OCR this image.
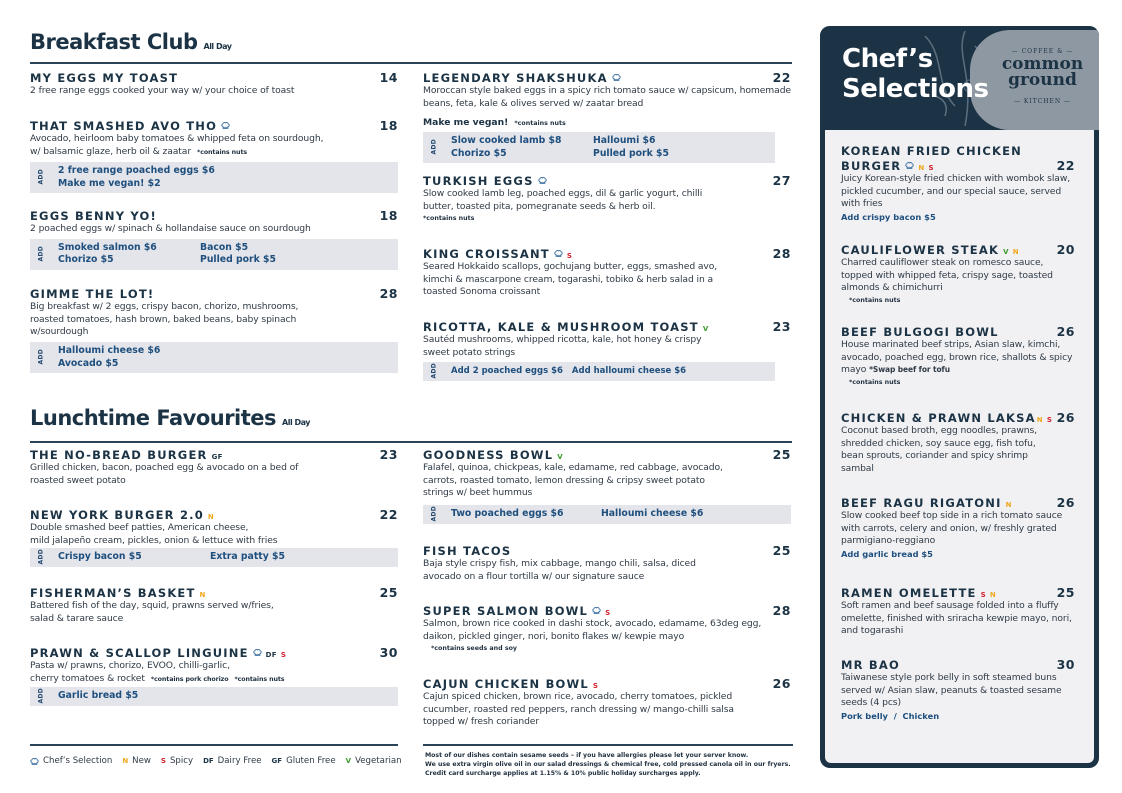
Breakfast Club All Day
MY EGGS MY TOAST	14
2 free range eggs cooked your way w/ your choice of toast
THAT SMASHED AVO THO	18
Avocado, heirloom baby tomatoes & whipped feta on sourdough,
w/ balsamic glaze, herb oil & zaatar *contains nuts
ADD 2 free range poached eggs $6
Make me vegan! $2
EGGS BENNY YO!	18
2 poached eggs w/ spinach & hollandaise sauce on sourdough
ADD Smoked salmon $6	Bacon $5
Chorizo $5	Pulled pork $5
GIMME THE LOT!	28
Big breakfast w/ 2 eggs, crispy bacon, chorizo, mushrooms, roasted tomatoes, hash brown, baked beans, baby spinach w/sourdough
ADD Halloumi cheese $6
Avocado $5
LEGENDARY SHAKSHUKA	22
Moroccan style baked eggs in a spicy rich tomato sauce w/ capsicum, homemade beans, feta, kale & olives served w/ zaatar bread
Make me vegan! *contains nuts
ADD Slow cooked lamb $8	Halloumi $6
Chorizo $5	Pulled pork $5
TURKISH EGGS	27
Slow cooked lamb leg, poached eggs, dil & garlic yogurt, chilli butter, toasted pita, pomegranate seeds & herb oil.
*contains nuts
KING CROISSANT S	28
Seared Hokkaido scallops, gochujang butter, eggs, smashed avo, kimchi & mascarpone cream, togarashi, tobiko & herb salad in a toasted Sonoma croissant
RICOTTA, KALE & MUSHROOM TOAST V	23
Sautéd mushrooms, whipped ricotta, kale, hot honey & crispy sweet potato strings
ADD Add 2 poached eggs $6 Add halloumi cheese $6
Lunchtime Favourites All Day
THE NO-BREAD BURGER GF	23
Grilled chicken, bacon, poached egg & avocado on a bed of roasted sweet potato
NEW YORK BURGER 2.0 N	22
Double smashed beef patties, American cheese,
mild jalapeño cream, pickles, onion & lettuce with fries
ADD Crispy bacon $5	Extra patty $5
FISHERMAN’S BASKET N	25
Battered fish of the day, squid, prawns served w/fries,
salad & tarare sauce
PRAWN & SCALLOP LINGUINE DF S	30
Pasta w/ prawns, chorizo, EVOO, chilli-garlic,
cherry tomatoes & rocket *contains pork chorizo *contains nuts
ADD Garlic bread $5
GOODNESS BOWL V	25
Falafel, quinoa, chickpeas, kale, edamame, red cabbage, avocado, carrots, roasted tomato, lemon dressing & cripsy sweet potato strings w/ beet hummus
ADD Two poached eggs $6	Halloumi cheese $6
FISH TACOS	25
Baja style crispy fish, mix cabbage, mango chili, salsa, diced avocado on a flour tortilla w/ our signature sauce
SUPER SALMON BOWL S	28
Salmon, brown rice cooked in dashi stock, avocado, edamame, 63deg egg, daikon, pickled ginger, nori, bonito flakes w/ kewpie mayo
*contains seeds and soy
CAJUN CHICKEN BOWL S	26
Cajun spiced chicken, brown rice, avocado, cherry tomatoes, pickled cucumber, roasted red peppers, ranch dressing w/ mango-chilli salsa topped w/ fresh coriander
Chef’s Selection N New S Spicy DF Dairy Free GF Gluten Free V Vegetarian
Most of our dishes contain sesame seeds – if you have allergies please let your server know.
We use extra virgin olive oil in our salad dressings & chemical free, cold pressed canola oil in our fryers.
Credit card surcharge applies at 1.15% & 10% public holiday surcharges apply.
— COFFEE & —
common
ground
— KITCHEN —
Chef’s
Selections
KOREAN FRIED CHICKEN
BURGER N S	22
Juicy Korean-style fried chicken with wombok slaw, pickled cucumber, and our special sauce, served with fries
Add crispy bacon $5
CAULIFLOWER STEAK V N	20
Charred cauliflower steak on romesco sauce, topped with whipped feta, crispy sage, toasted almonds & chimichurri
*contains nuts
BEEF BULGOGI BOWL	26
House marinated beef strips, Asian slaw, kimchi, avocado, poached egg, brown rice, shallots & spicy mayo *Swap beef for tofu
*contains nuts
CHICKEN & PRAWN LAKSAN S 26
Coconut based broth, egg noodles, prawns, shredded chicken, soy sauce egg, fish tofu, bean sprouts, coriander and spicy shrimp sambal
BEEF RAGU RIGATONI N	26
Slow cooked beef top side in a rich tomato sauce with carrots, celery and onion, w/ freshly grated parmigiano-reggiano
Add garlic bread $5
RAMEN OMELETTE S N	25
Soft ramen and beef sausage folded into a fluffy omelette, finished with sriracha kewpie mayo, nori, and togarashi
MR BAO	30
Taiwanese style pork belly in soft steamed buns served w/ Asian slaw, peanuts & toasted sesame seeds (4 pcs)
Pork belly  /  Chicken
